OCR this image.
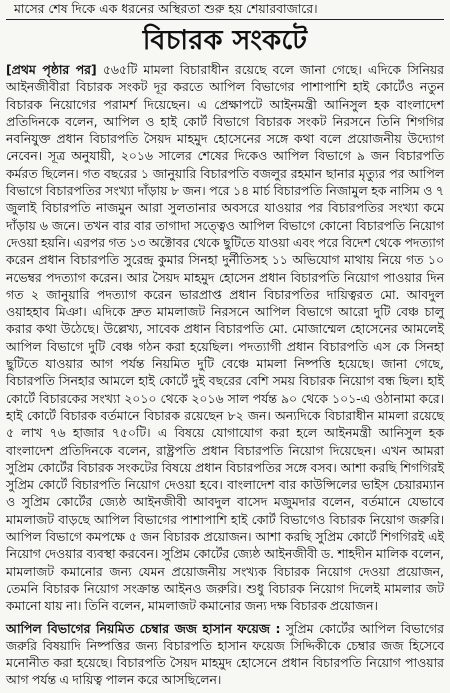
মাসের শেষ দিকে এক ধরনের অস্থিরতা শুরু হয় শেয়ারবাজারে।
বিচারক সংকটে

[প্রথম পৃষ্ঠার পর] ৫৬৫টি মামলা বিচারাধীন রয়েছে বলে জানা গেছে। এদিকে সিনিয়র আইনজীবীরা বিচারক সংকট দূর করতে আপিল বিভাগের পাশাপাশি হাই কোর্টেও নতুন বিচারক নিয়োগের পরামর্শ দিয়েছেন। এ প্রেক্ষাপটে আইনমন্ত্রী আনিসুল হক বাংলাদেশ প্রতিদিনকে বলেন, আপিল ও হাই কোর্ট বিভাগে বিচারক সংকট নিরসনে তিনি শিগগির নবনিযুক্ত প্রধান বিচারপতি সৈয়দ মাহমুদ হোসেনের সঙ্গে কথা বলে প্রয়োজনীয় উদ্যোগ নেবেন। সূত্র অনুযায়ী, ২০১৬ সালের শেষের দিকেও আপিল বিভাগে ৯ জন বিচারপতি কর্মরত ছিলেন। গত বছরের ১ জানুয়ারি বিচারপতি বজলুর রহমান ছানার মৃত্যুর পর আপিল বিভাগে বিচারপতির সংখ্যা দাঁড়ায় ৮ জন। পরে ১৪ মার্চ বিচারপতি নিজামুল হক নাসিম ও ৭ জুলাই বিচারপতি নাজমুন আরা সুলতানার অবসরে যাওয়ার পর বিচারপতির সংখ্যা কমে দাঁড়ায় ৬ জনে। তখন বার বার তাগাদা সত্ত্বেও আপিল বিভাগে কোনো বিচারপতি নিয়োগ দেওয়া হয়নি। এরপর গত ১৩ অক্টোবর থেকে ছুটিতে যাওয়া এবং পরে বিদেশ থেকে পদত্যাগ করেন প্রধান বিচারপতি সুরেন্দ্র কুমার সিনহা দুর্নীতিসহ ১১ অভিযোগ মাথায় নিয়ে গত ১০ নভেম্বর পদত্যাগ করেন। আর সৈয়দ মাহমুদ হোসেন প্রধান বিচারপতি নিয়োগ পাওয়ার দিন গত ২ জানুয়ারি পদত্যাগ করেন ভারপ্রাপ্ত প্রধান বিচারপতির দায়িত্বরত মো. আবদুল ওয়াহহাব মিঞা। এদিকে দ্রুত মামলাজট নিরসনে আপিল বিভাগে আরো দুটি বেঞ্চ চালু করার কথা উঠেছে। উল্লেখ্য, সাবেক প্রধান বিচারপতি মো. মোজাম্মেল হোসেনের আমলেই আপিল বিভাগে দুটি বেঞ্চ গঠন করা হয়েছিল। পদত্যাগী প্রধান বিচারপতি এস কে সিনহা ছুটিতে যাওয়ার আগ পর্যন্ত নিয়মিত দুটি বেঞ্চে মামলা নিষ্পত্তি হয়েছে। জানা গেছে, বিচারপতি সিনহার আমলে হাই কোর্টে দুই বছরের বেশি সময় বিচারক নিয়োগ বন্ধ ছিল। হাই কোর্টে বিচারকের সংখ্যা ২০১০ থেকে ২০১৬ সাল পর্যন্ত ৯০ থেকে ১০১-এ ওঠানামা করে। হাই কোর্টে বিচারক বর্তমানে বিচারক রয়েছেন ৮২ জন। অন্যদিকে বিচারাধীন মামলা রয়েছে ৫ লাখ ৭৬ হাজার ৭৫০টি। এ বিষয়ে যোগাযোগ করা হলে আইনমন্ত্রী আনিসুল হক বাংলাদেশ প্রতিদিনকে বলেন, রাষ্ট্রপতি প্রধান বিচারপতি নিয়োগ দিয়েছেন। এখন আমরা সুপ্রিম কোর্টের বিচারক সংকটের বিষয়ে প্রধান বিচারপতির সঙ্গে বসব। আশা করছি শিগগিরই সুপ্রিম কোর্টে বিচারপতি নিয়োগ দেওয়া হবে। বাংলাদেশ বার কাউন্সিলের ভাইস চেয়ারম্যান ও সুপ্রিম কোর্টের জ্যেষ্ঠ আইনজীবী আবদুল বাসেদ মজুমদার বলেন, বর্তমানে যেভাবে মামলাজট বাড়ছে আপিল বিভাগের পাশাপাশি হাই কোর্ট বিভাগেও বিচারক নিয়োগ জরুরি। আপিল বিভাগে কমপক্ষে ৫ জন বিচারক প্রয়োজন। আশা করছি সুপ্রিম কোর্টে শিগগিরই এই নিয়োগ দেওয়ার ব্যবস্থা করবেন। সুপ্রিম কোর্টের জ্যেষ্ঠ আইনজীবী ড. শাহদীন মালিক বলেন, মামলাজট কমানোর জন্য যেমন প্রয়োজনীয় সংখ্যক বিচারক নিয়োগ দেওয়া প্রয়োজন, তেমনি বিচারক নিয়োগ সংক্রান্ত আইনও জরুরি। শুধু বিচারক নিয়োগ দিলেই মামলার জট কমানো যায় না। তিনি বলেন, মামলাজট কমানোর জন্য দক্ষ বিচারক প্রয়োজন।

আপিল বিভাগের নিয়মিত চেম্বার জজ হাসান ফয়েজ : সুপ্রিম কোর্টের আপিল বিভাগের জরুরি বিষয়াদি নিষ্পত্তির জন্য বিচারপতি হাসান ফয়েজ সিদ্দিকীকে চেম্বার জজ হিসেবে মনোনীত করা হয়েছে। বিচারপতি সৈয়দ মাহমুদ হোসেনে প্রধান বিচারপতি নিয়োগ পাওয়ার আগ পর্যন্ত এ দায়িত্ব পালন করে আসছিলেন।
